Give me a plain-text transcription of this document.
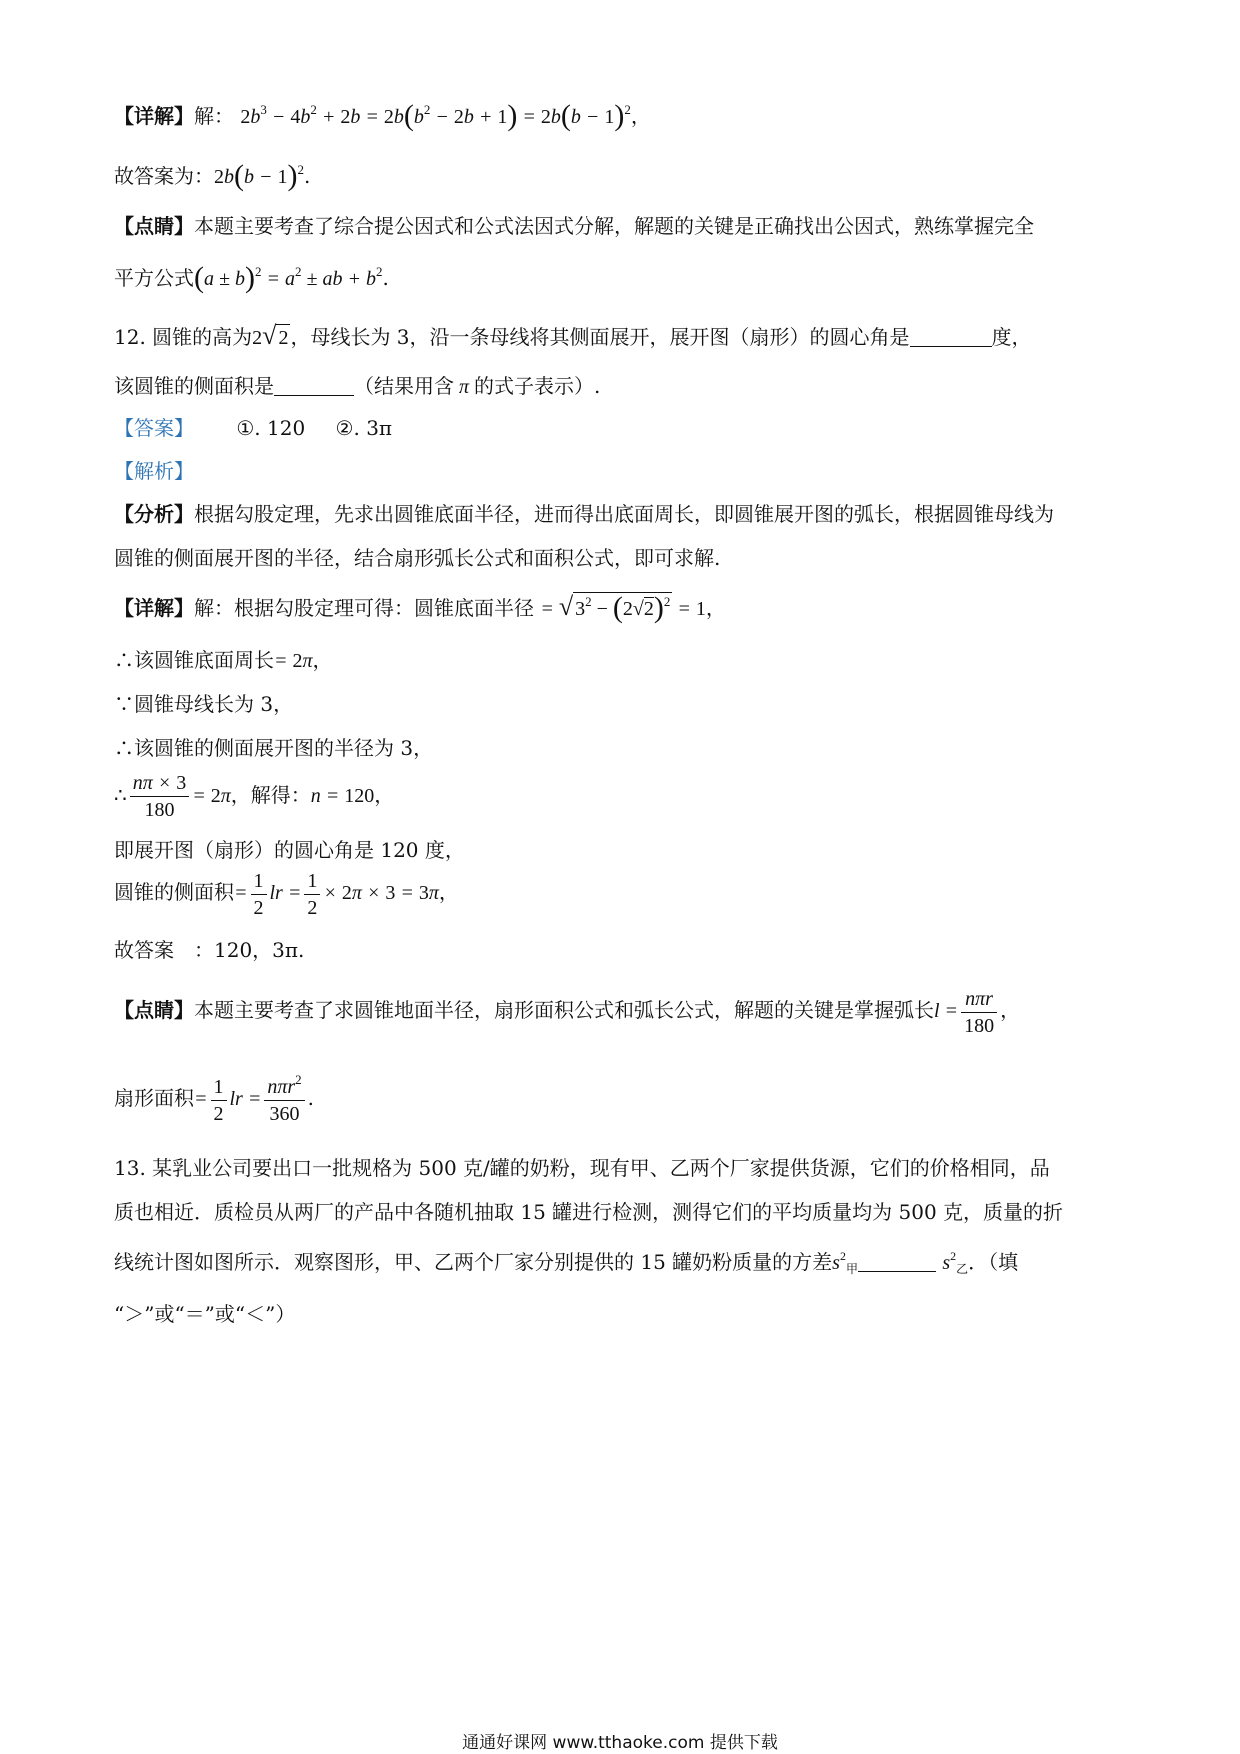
【详解】解： $2b^3 - 4b^2 + 2b = 2b(b^2 - 2b + 1) = 2b(b - 1)^2$，
故答案为：$2b(b - 1)^2$.
【点睛】本题主要考查了综合提公因式和公式法因式分解，解题的关键是正确找出公因式，熟练掌握完全
平方公式$(a \pm b)^2 = a^2$ ± ab + $b^2$.
12. 圆锥的高为2√ 2 ，母线长为 3，沿一条母线将其侧面展开，展开图（扇形）的圆心角是	度，
该圆锥的侧面积是	（结果用含 π 的式子表示）.
【答案】 ①. 120 ②. 3π
【解析】
【分析】根据勾股定理，先求出圆锥底面半径，进而得出底面周长，即圆锥展开图的弧长，根据圆锥母线为
圆锥的侧面展开图的半径，结合扇形弧长公式和面积公式，即可求解.
【详解】解：根据勾股定理可得：圆锥底面半径 = √ $3^2 - (2√2)^2 = 1$，
∴该圆锥底面周长= 2π，
∵圆锥母线长为 3，
∴该圆锥的侧面展开图的半径为 3，
∴ $\frac{n\pi \times 3}{180} = 2\pi$，解得：n = 120，
即展开图（扇形）的圆心角是 120 度，
圆锥的侧面积= $\frac{1}{2}$ lr = $\frac{1}{2} \times 2\pi \times 3 = 3\pi$，
故答案　：120，3π.
【点睛】本题主要考查了求圆锥地面半径，扇形面积公式和弧长公式，解题的关键是掌握弧长$l = \frac{\text{nπr}}{180}$ ，
扇形面积= $\frac{1}{2}$ lr = $\frac{n\pi r^2}{360}$ .
13. 某乳业公司要出口一批规格为 500 克/罐的奶粉，现有甲、乙两个厂家提供货源，它们的价格相同，品
质也相近．质检员从两厂的产品中各随机抽取 15 罐进行检测，测得它们的平均质量均为 500 克，质量的折
线统计图如图所示．观察图形，甲、乙两个厂家分别提供的 15 罐奶粉质量的方差$s^2_甲$	$s^2_乙$．（填
“＞”或“＝”或“＜”）
通通好课网 www.tthaoke.com 提供下载
